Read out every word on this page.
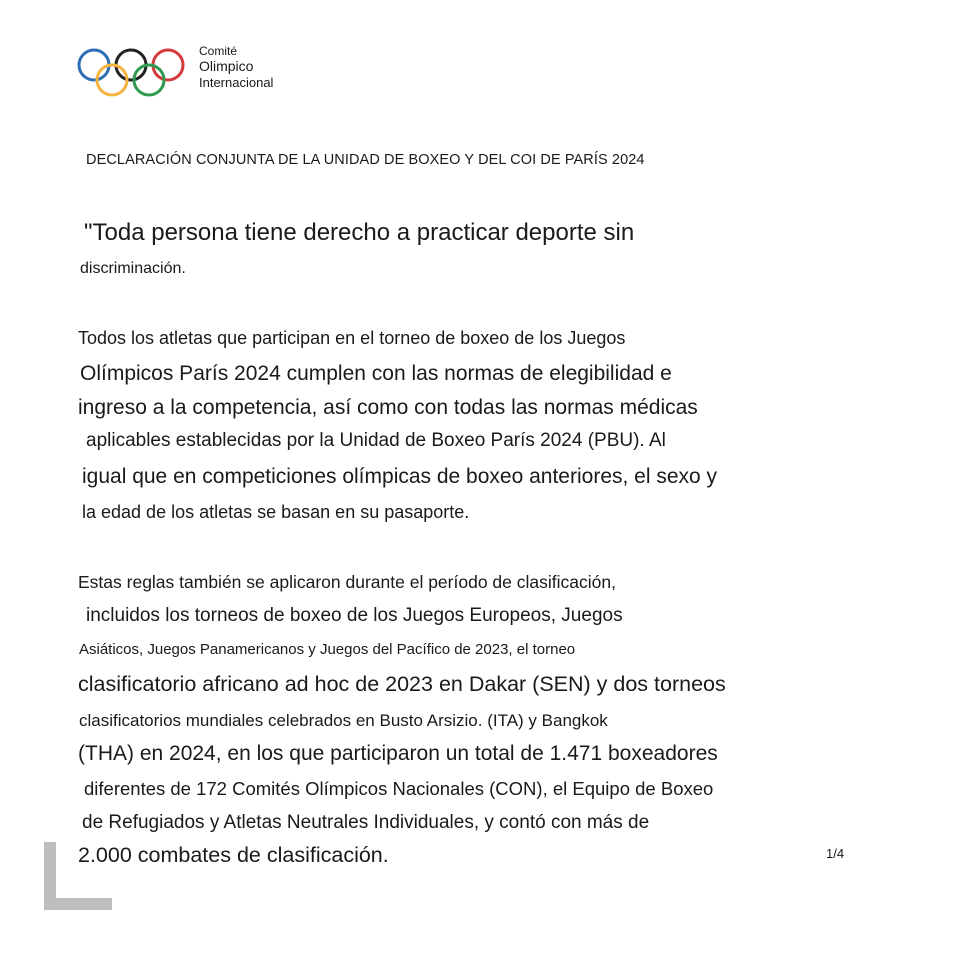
Comité
Olimpico
Internacional
DECLARACIÓN CONJUNTA DE LA UNIDAD DE BOXEO Y DEL COI DE PARÍS 2024
"Toda persona tiene derecho a practicar deporte sin
discriminación.
Todos los atletas que participan en el torneo de boxeo de los Juegos
Olímpicos París 2024 cumplen con las normas de elegibilidad e
ingreso a la competencia, así como con todas las normas médicas
aplicables establecidas por la Unidad de Boxeo París 2024 (PBU). Al
igual que en competiciones olímpicas de boxeo anteriores, el sexo y
la edad de los atletas se basan en su pasaporte.
Estas reglas también se aplicaron durante el período de clasificación,
incluidos los torneos de boxeo de los Juegos Europeos, Juegos
Asiáticos, Juegos Panamericanos y Juegos del Pacífico de 2023, el torneo
clasificatorio africano ad hoc de 2023 en Dakar (SEN) y dos torneos
clasificatorios mundiales celebrados en Busto Arsizio. (ITA) y Bangkok
(THA) en 2024, en los que participaron un total de 1.471 boxeadores
diferentes de 172 Comités Olímpicos Nacionales (CON), el Equipo de Boxeo
de Refugiados y Atletas Neutrales Individuales, y contó con más de
2.000 combates de clasificación.	1/4
